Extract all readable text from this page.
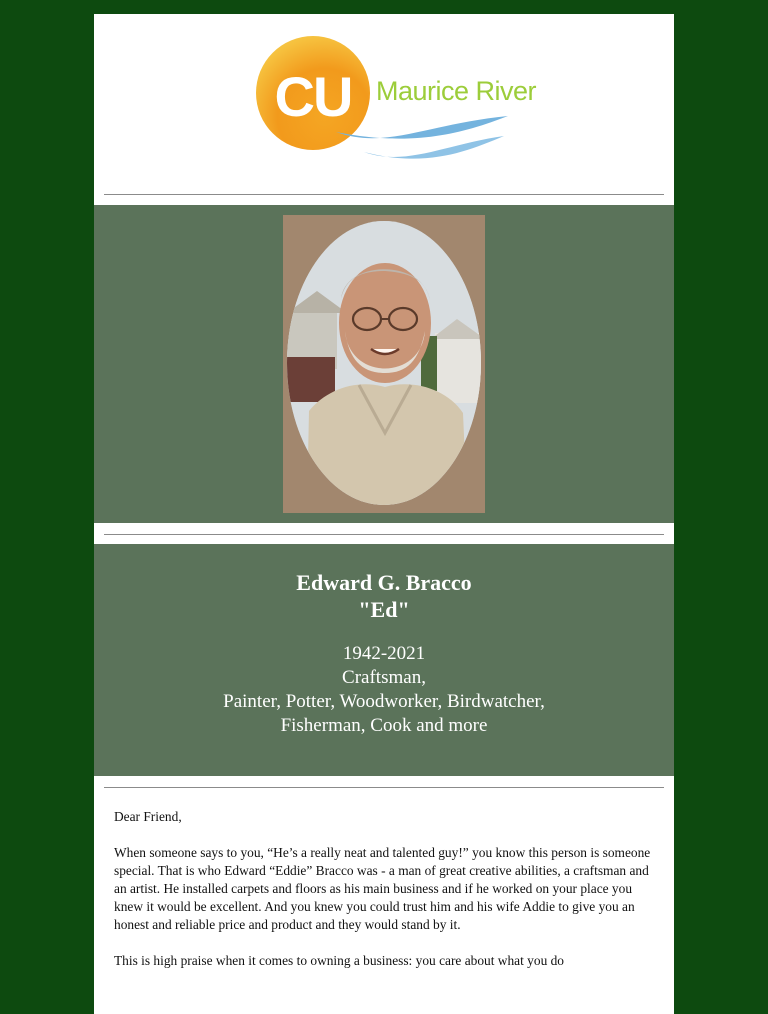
CU Maurice River
Edward G. Bracco
"Ed"
1942-2021
Craftsman,
Painter, Potter, Woodworker, Birdwatcher,
Fisherman, Cook and more

Dear Friend,

When someone says to you, “He’s a really neat and talented guy!” you know this person is someone special. That is who Edward “Eddie” Bracco was - a man of great creative abilities, a craftsman and an artist. He installed carpets and floors as his main business and if he worked on your place you knew it would be excellent. And you knew you could trust him and his wife Addie to give you an honest and reliable price and product and they would stand by it.

This is high praise when it comes to owning a business: you care about what you do
